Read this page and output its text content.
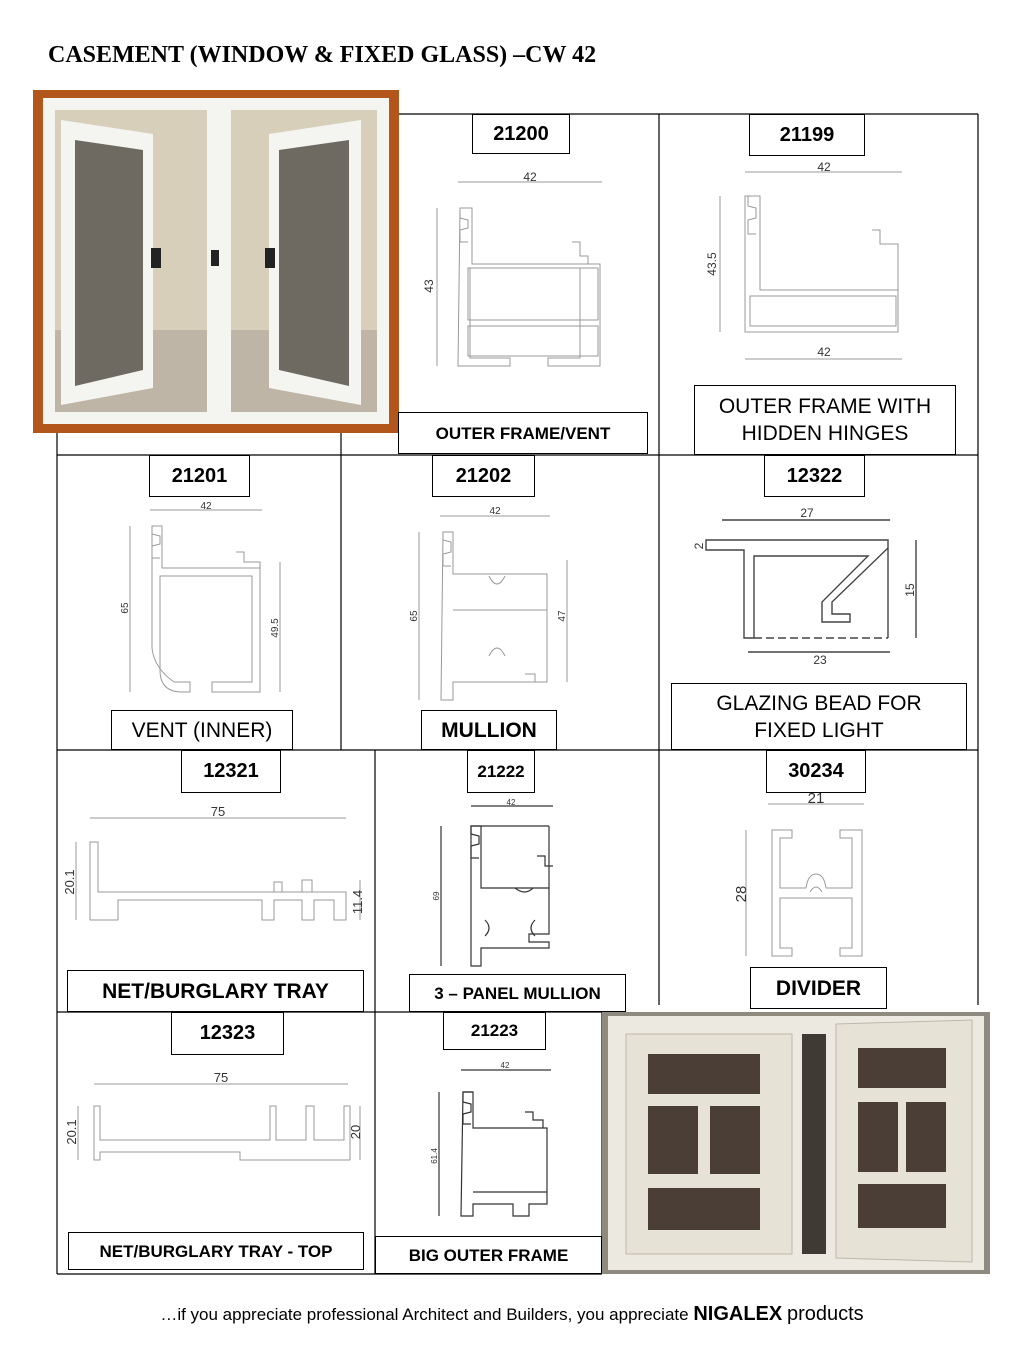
CASEMENT (WINDOW & FIXED GLASS) –CW 42
21200
42
43
OUTER FRAME/VENT
21199
42
43.5
42
OUTER FRAME WITH HIDDEN HINGES
21201
42
65
49.5
VENT (INNER)
21202
42
65	47
MULLION
12322
27
2
15
23
GLAZING BEAD FOR FIXED LIGHT
12321
75
20.1
11.4
NET/BURGLARY TRAY
21222
42
69
3 – PANEL MULLION
30234
21
28
DIVIDER
12323
75
20.1	20
NET/BURGLARY TRAY - TOP
21223
42
61.4
BIG OUTER FRAME
…if you appreciate professional Architect and Builders, you appreciate NIGALEX products
